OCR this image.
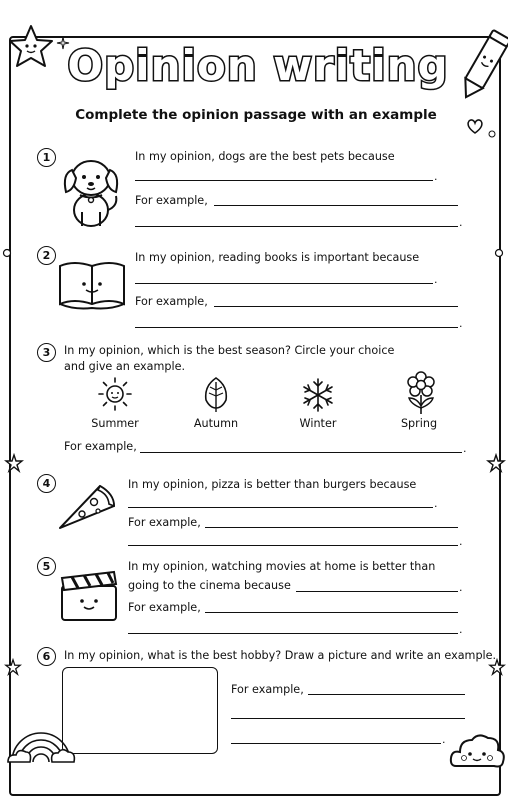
Opinion writing
Complete the opinion passage with an example
1	In my opinion, dogs are the best pets because
.
For example,
.
2	In my opinion, reading books is important because
.
For example,
.
3	In my opinion, which is the best season? Circle your choice
and give an example.
Summer	Autumn	Winter	Spring
For example,	.
4	In my opinion, pizza is better than burgers because
.
For example,
.
5	In my opinion, watching movies at home is better than
going to the cinema because	.
For example,
.
6	In my opinion, what is the best hobby? Draw a picture and write an example.
For example,
.
